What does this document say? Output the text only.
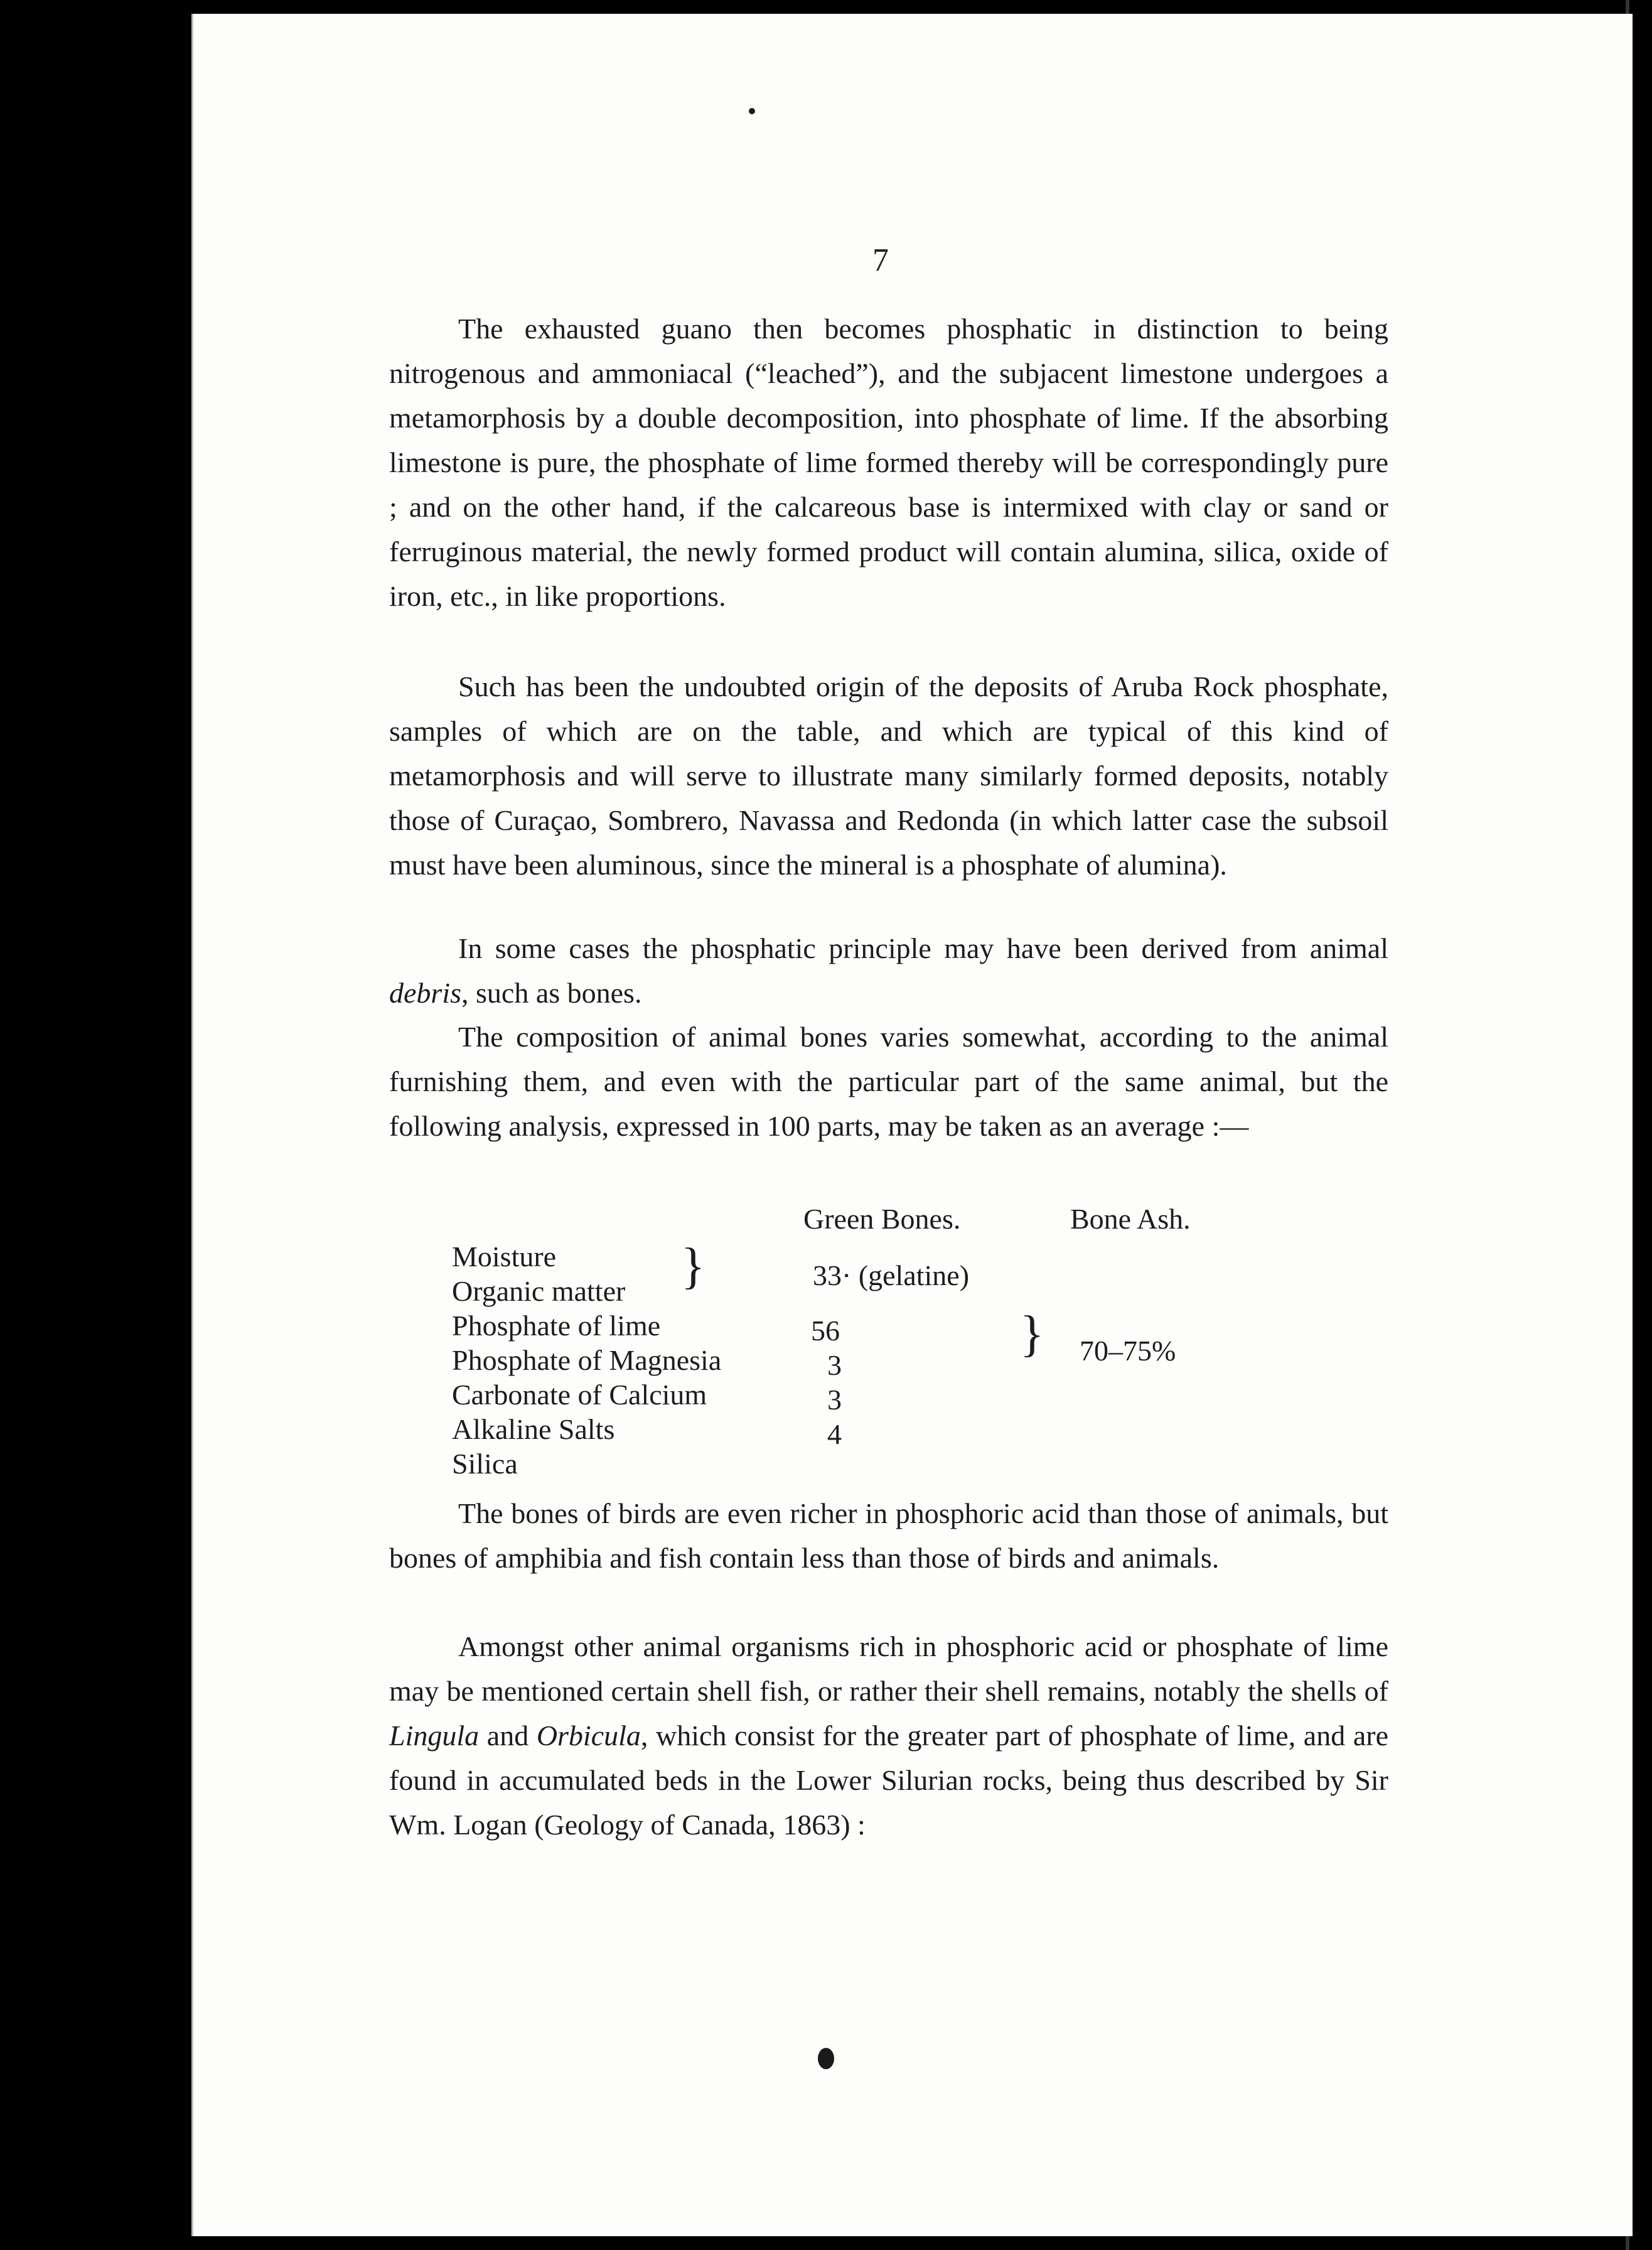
7

The exhausted guano then becomes phosphatic in distinction to being nitrogenous and ammoniacal (“leached”), and the subjacent limestone undergoes a metamorphosis by a double decomposition, into phosphate of lime. If the absorbing limestone is pure, the phosphate of lime formed thereby will be correspondingly pure ; and on the other hand, if the calcareous base is intermixed with clay or sand or ferruginous material, the newly formed product will contain alumina, silica, oxide of iron, etc., in like proportions.

Such has been the undoubted origin of the deposits of Aruba Rock phosphate, samples of which are on the table, and which are typical of this kind of metamorphosis and will serve to illustrate many similarly formed deposits, notably those of Curaçao, Sombrero, Navassa and Redonda (in which latter case the subsoil must have been aluminous, since the mineral is a phosphate of alumina).

In some cases the phosphatic principle may have been derived from animal debris, such as bones.

The composition of animal bones varies somewhat, according to the animal furnishing them, and even with the particular part of the same animal, but the following analysis, expressed in 100 parts, may be taken as an average :—

Green Bones.	Bone Ash.
Moisture
Organic matter
Phosphate of lime
Phosphate of Magnesia
Carbonate of Calcium
Alkaline Salts
Silica
}	33· (gelatine)
56
3
3
4
} 70–75%

The bones of birds are even richer in phosphoric acid than those of animals, but bones of amphibia and fish contain less than those of birds and animals.

Amongst other animal organisms rich in phosphoric acid or phosphate of lime may be mentioned certain shell fish, or rather their shell remains, notably the shells of Lingula and Orbicula, which consist for the greater part of phosphate of lime, and are found in accumulated beds in the Lower Silurian rocks, being thus described by Sir Wm. Logan (Geology of Canada, 1863) :
